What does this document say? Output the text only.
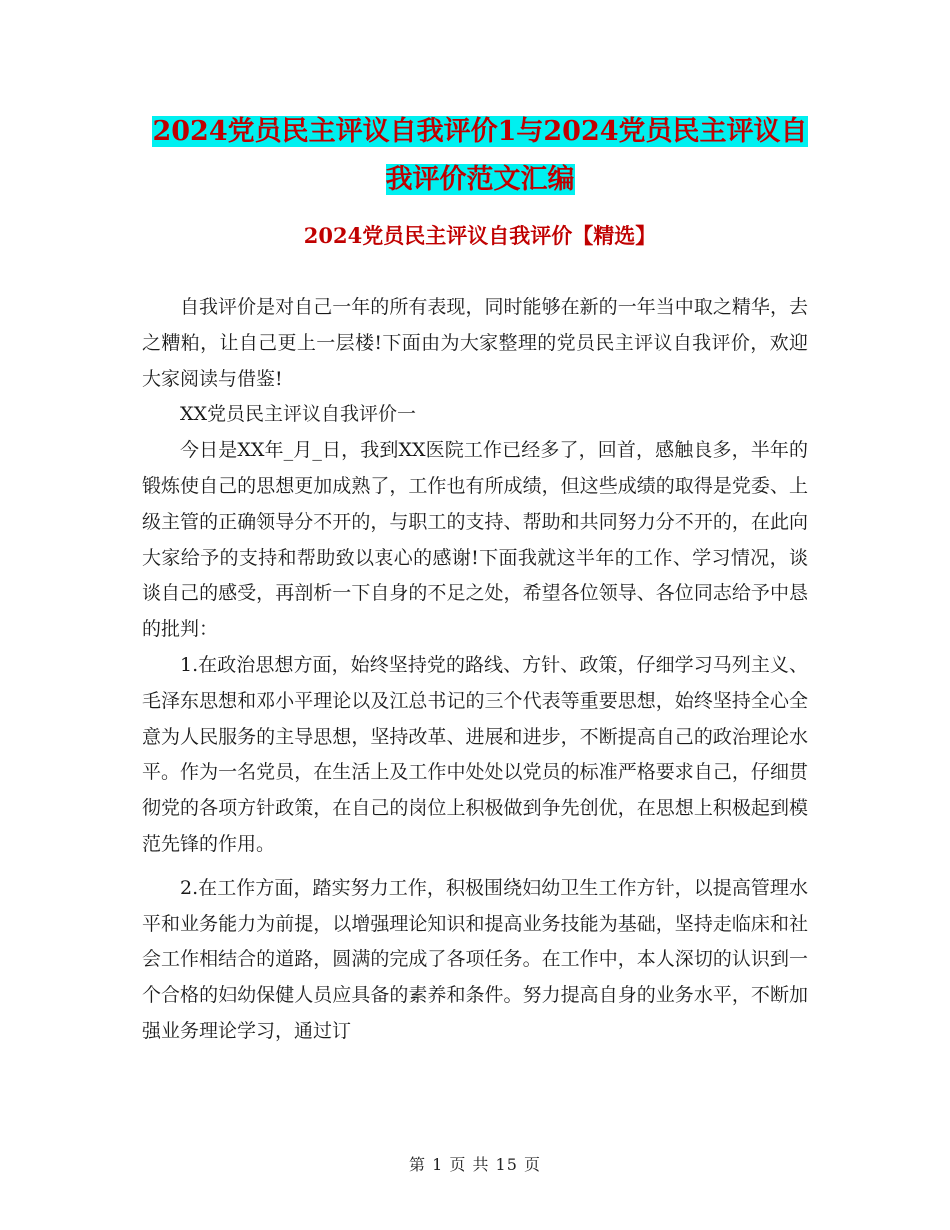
2024党员民主评议自我评价1与2024党员民主评议自我评价范文汇编
2024党员民主评议自我评价【精选】

自我评价是对自己一年的所有表现，同时能够在新的一年当中取之精华，去之糟粕，让自己更上一层楼!下面由为大家整理的党员民主评议自我评价，欢迎大家阅读与借鉴!

XX党员民主评议自我评价一

今日是XX年_月_日，我到XX医院工作已经多了，回首，感触良多，半年的锻炼使自己的思想更加成熟了，工作也有所成绩，但这些成绩的取得是党委、上级主管的正确领导分不开的，与职工的支持、帮助和共同努力分不开的，在此向大家给予的支持和帮助致以衷心的感谢!下面我就这半年的工作、学习情况，谈谈自己的感受，再剖析一下自身的不足之处，希望各位领导、各位同志给予中恳的批判：

1.在政治思想方面，始终坚持党的路线、方针、政策，仔细学习马列主义、毛泽东思想和邓小平理论以及江总书记的三个代表等重要思想，始终坚持全心全意为人民服务的主导思想，坚持改革、进展和进步，不断提高自己的政治理论水平。作为一名党员，在生活上及工作中处处以党员的标准严格要求自己，仔细贯彻党的各项方针政策，在自己的岗位上积极做到争先创优，在思想上积极起到模范先锋的作用。

2.在工作方面，踏实努力工作，积极围绕妇幼卫生工作方针，以提高管理水平和业务能力为前提，以增强理论知识和提高业务技能为基础，坚持走临床和社会工作相结合的道路，圆满的完成了各项任务。在工作中，本人深切的认识到一个合格的妇幼保健人员应具备的素养和条件。努力提高自身的业务水平，不断加强业务理论学习，通过订

第 1 页 共 15 页
